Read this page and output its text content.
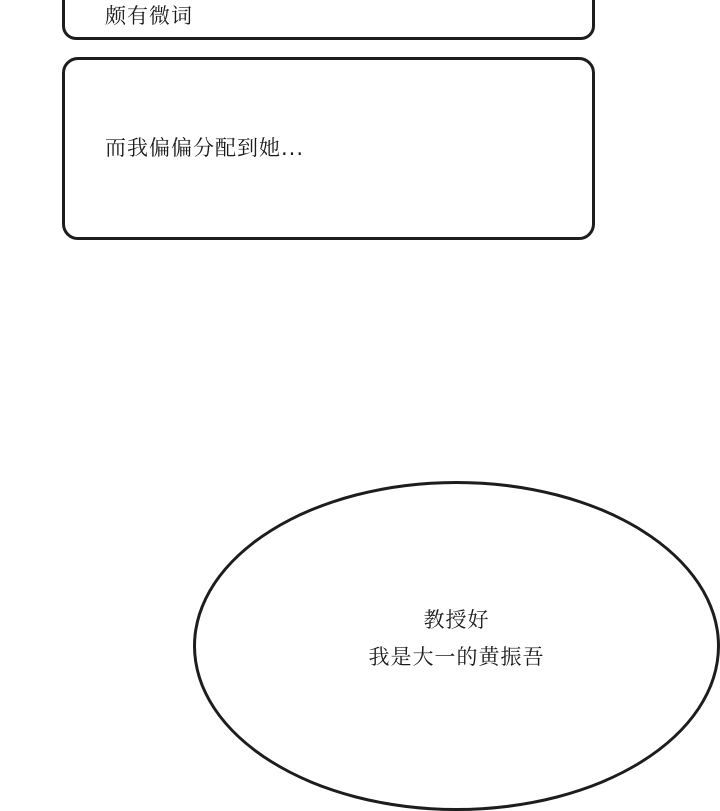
颇有微词
而我偏偏分配到她...
教授好
我是大一的黄振吾
